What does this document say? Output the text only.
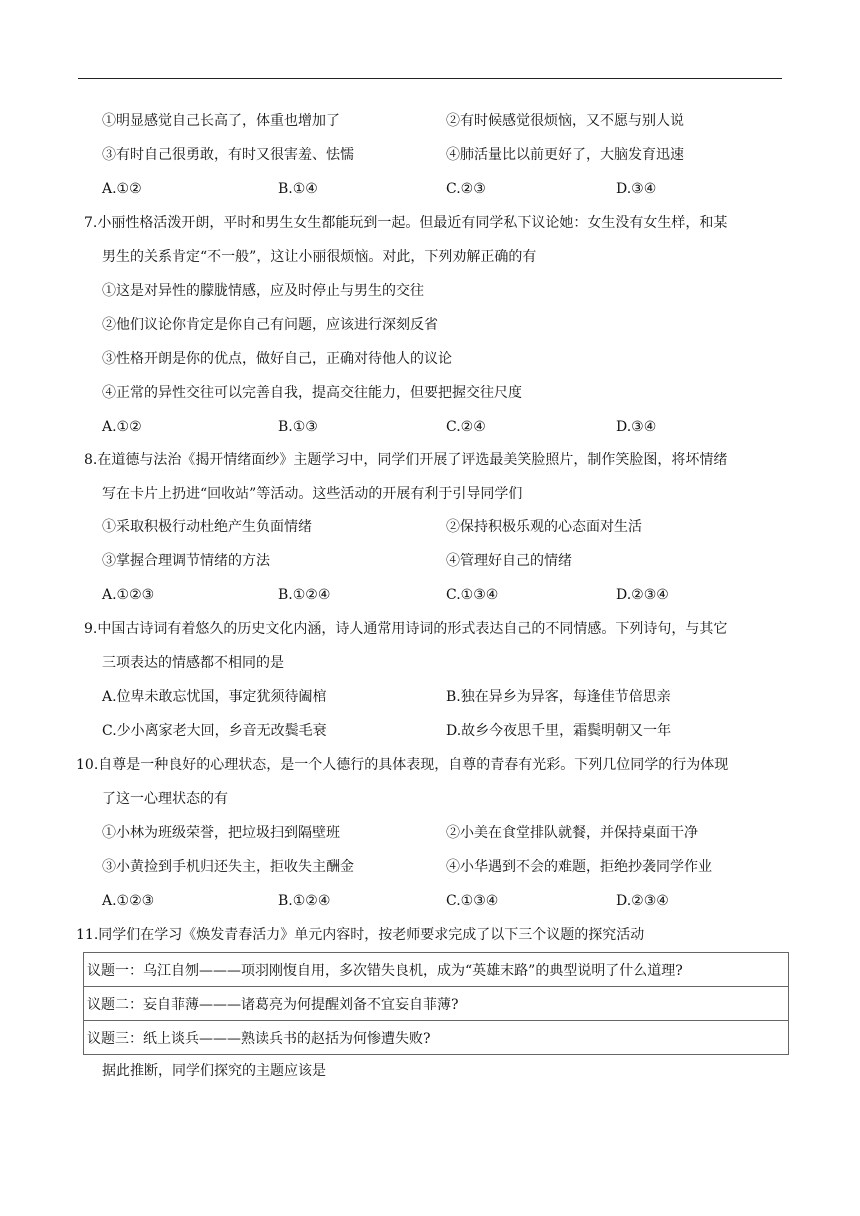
①明显感觉自己长高了，体重也增加了	②有时候感觉很烦恼，又不愿与别人说
③有时自己很勇敢，有时又很害羞、怯懦	④肺活量比以前更好了，大脑发育迅速
A.①②	B.①④	C.②③	D.③④
7.小丽性格活泼开朗，平时和男生女生都能玩到一起。但最近有同学私下议论她：女生没有女生样，和某
男生的关系肯定“不一般”，这让小丽很烦恼。对此，下列劝解正确的有
①这是对异性的朦胧情感，应及时停止与男生的交往
②他们议论你肯定是你自己有问题，应该进行深刻反省
③性格开朗是你的优点，做好自己，正确对待他人的议论
④正常的异性交往可以完善自我，提高交往能力，但要把握交往尺度
A.①②	B.①③	C.②④	D.③④
8.在道德与法治《揭开情绪面纱》主题学习中，同学们开展了评选最美笑脸照片，制作笑脸图，将坏情绪
写在卡片上扔进“回收站”等活动。这些活动的开展有利于引导同学们
①采取积极行动杜绝产生负面情绪	②保持积极乐观的心态面对生活
③掌握合理调节情绪的方法	④管理好自己的情绪
A.①②③	B.①②④	C.①③④	D.②③④
9.中国古诗词有着悠久的历史文化内涵，诗人通常用诗词的形式表达自己的不同情感。下列诗句，与其它
三项表达的情感都不相同的是
A.位卑未敢忘忧国，事定犹须待阖棺	B.独在异乡为异客，每逢佳节倍思亲
C.少小离家老大回，乡音无改鬓毛衰	D.故乡今夜思千里，霜鬓明朝又一年
10.自尊是一种良好的心理状态，是一个人德行的具体表现，自尊的青春有光彩。下列几位同学的行为体现
了这一心理状态的有
①小林为班级荣誉，把垃圾扫到隔壁班	②小美在食堂排队就餐，并保持桌面干净
③小黄捡到手机归还失主，拒收失主酬金	④小华遇到不会的难题，拒绝抄袭同学作业
A.①②③	B.①②④	C.①③④	D.②③④
11.同学们在学习《焕发青春活力》单元内容时，按老师要求完成了以下三个议题的探究活动
议题一：乌江自刎———项羽刚愎自用，多次错失良机，成为“英雄末路”的典型说明了什么道理?
议题二：妄自菲薄———诸葛亮为何提醒刘备不宜妄自菲薄?
议题三：纸上谈兵———熟读兵书的赵括为何惨遭失败?
据此推断，同学们探究的主题应该是
